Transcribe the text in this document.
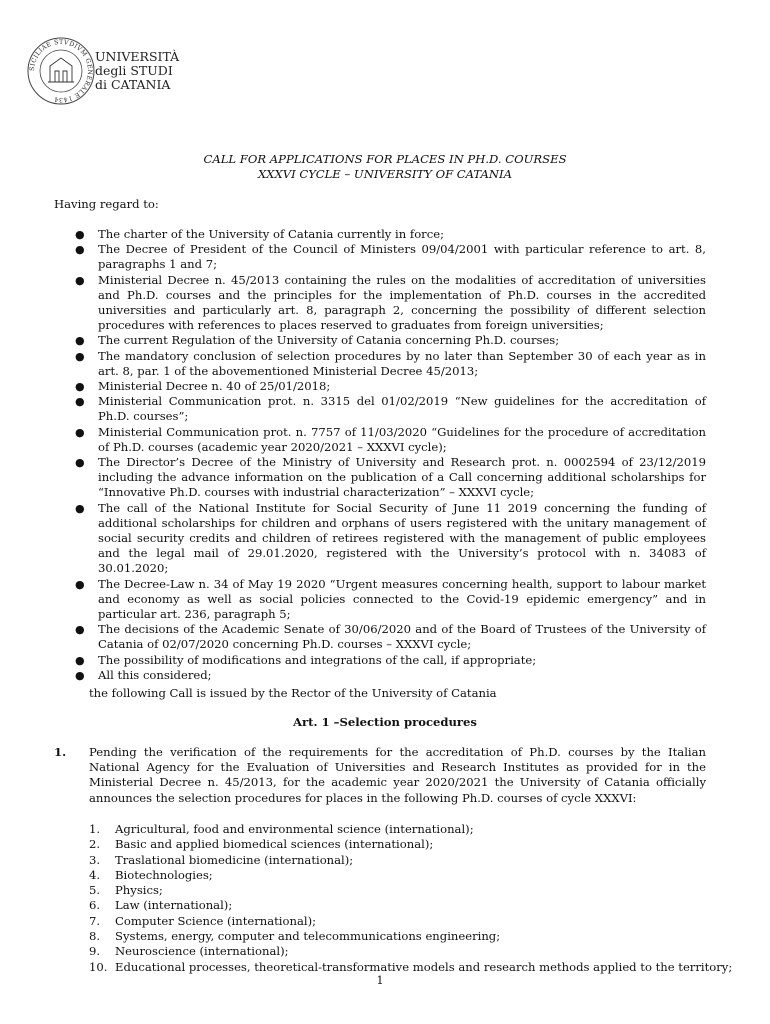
SICILIAE STVDIVM GENERALE 1434
UNIVERSITÀ
degli STUDI
di CATANIA
CALL FOR APPLICATIONS FOR PLACES IN PH.D. COURSES
XXXVI CYCLE – UNIVERSITY OF CATANIA
Having regard to:
● The charter of the University of Catania currently in force;
● The Decree of President of the Council of Ministers 09/04/2001 with particular reference to art. 8, paragraphs 1 and 7;
● Ministerial Decree n. 45/2013 containing the rules on the modalities of accreditation of universities and Ph.D. courses and the principles for the implementation of Ph.D. courses in the accredited universities and particularly art. 8, paragraph 2, concerning the possibility of different selection procedures with references to places reserved to graduates from foreign universities;
● The current Regulation of the University of Catania concerning Ph.D. courses;
● The mandatory conclusion of selection procedures by no later than September 30 of each year as in art. 8, par. 1 of the abovementioned Ministerial Decree 45/2013;
● Ministerial Decree n. 40 of 25/01/2018;
● Ministerial Communication prot. n. 3315 del 01/02/2019 “New guidelines for the accreditation of Ph.D. courses”;
● Ministerial Communication prot. n. 7757 of 11/03/2020 “Guidelines for the procedure of accreditation of Ph.D. courses (academic year 2020/2021 – XXXVI cycle);
● The Director’s Decree of the Ministry of University and Research prot. n. 0002594 of 23/12/2019 including the advance information on the publication of a Call concerning additional scholarships for “Innovative Ph.D. courses with industrial characterization” – XXXVI cycle;
● The call of the National Institute for Social Security of June 11 2019 concerning the funding of additional scholarships for children and orphans of users registered with the unitary management of social security credits and children of retirees registered with the management of public employees and the legal mail of 29.01.2020, registered with the University’s protocol with n. 34083 of 30.01.2020;
● The Decree-Law n. 34 of May 19 2020 “Urgent measures concerning health, support to labour market and economy as well as social policies connected to the Covid-19 epidemic emergency” and in particular art. 236, paragraph 5;
● The decisions of the Academic Senate of 30/06/2020 and of the Board of Trustees of the University of Catania of 02/07/2020 concerning Ph.D. courses – XXXVI cycle;
● The possibility of modifications and integrations of the call, if appropriate;
● All this considered;
the following Call is issued by the Rector of the University of Catania
Art. 1 –Selection procedures
1. Pending the verification of the requirements for the accreditation of Ph.D. courses by the Italian National Agency for the Evaluation of Universities and Research Institutes as provided for in the Ministerial Decree n. 45/2013, for the academic year 2020/2021 the University of Catania officially announces the selection procedures for places in the following Ph.D. courses of cycle XXXVI:
1. Agricultural, food and environmental science (international);
2. Basic and applied biomedical sciences (international);
3. Traslational biomedicine (international);
4. Biotechnologies;
5. Physics;
6. Law (international);
7. Computer Science (international);
8. Systems, energy, computer and telecommunications engineering;
9. Neuroscience (international);
10. Educational processes, theoretical-transformative models and research methods applied to the territory;
1
